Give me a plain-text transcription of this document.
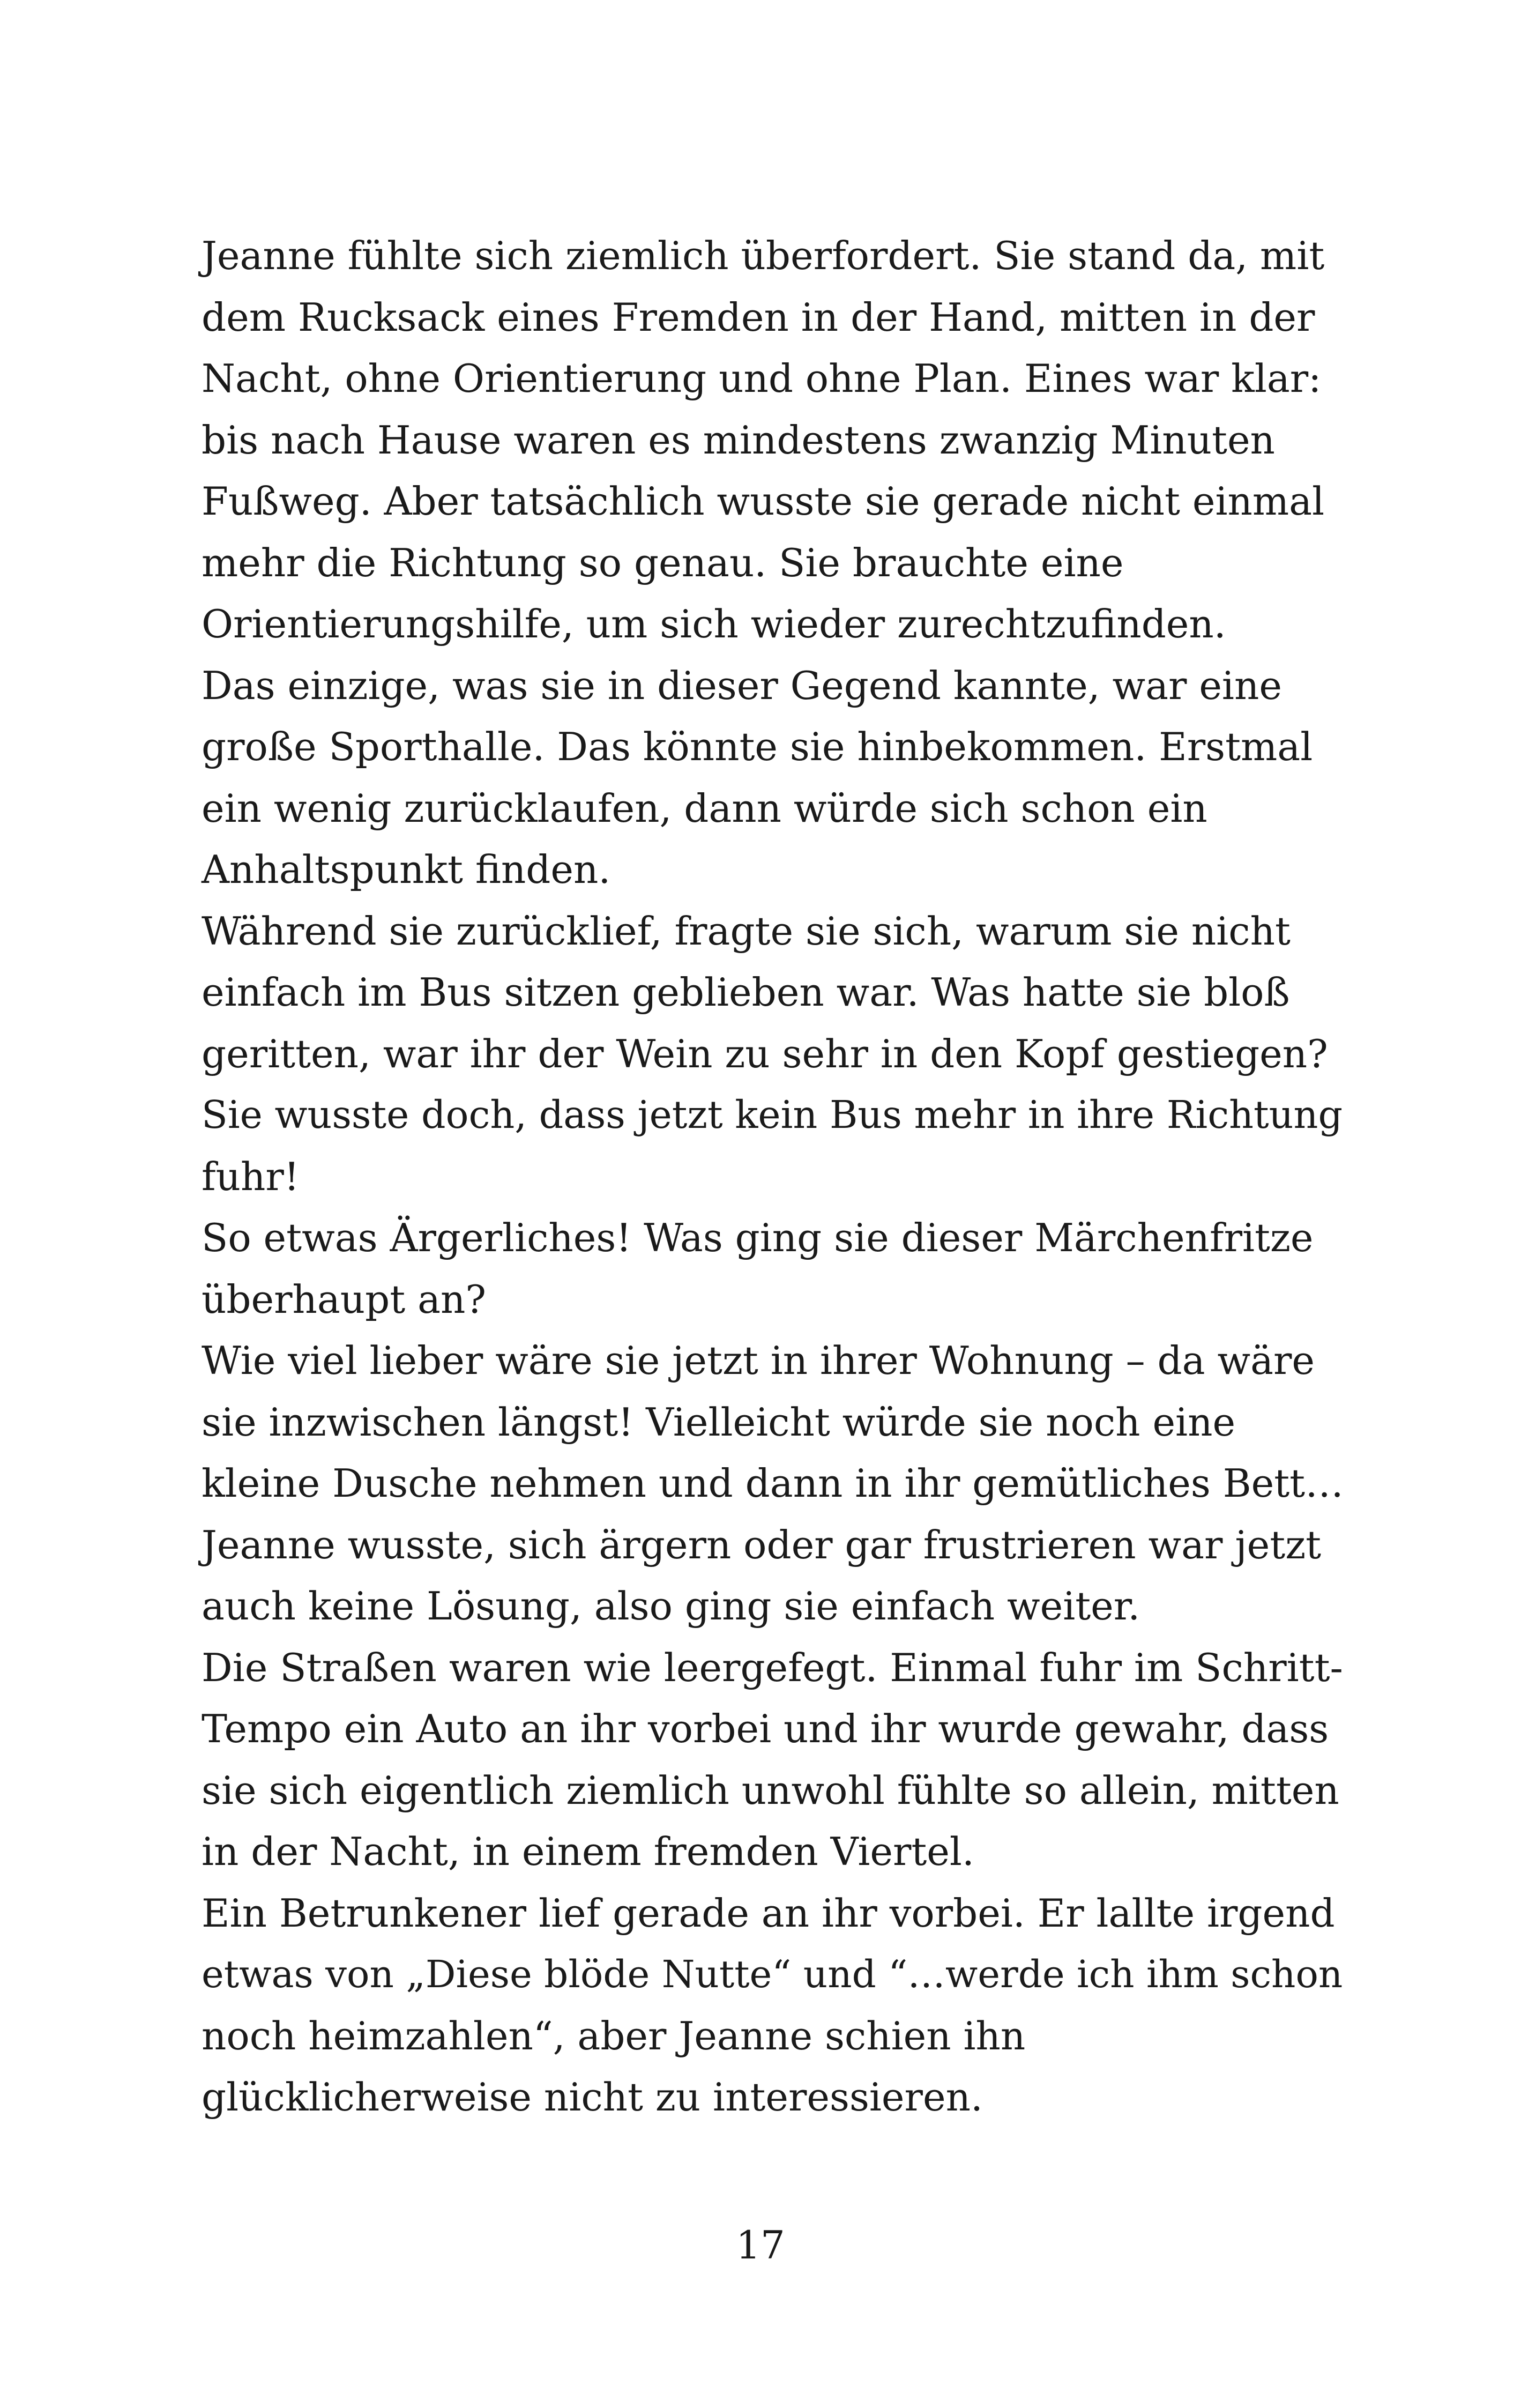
Jeanne fühlte sich ziemlich überfordert. Sie stand da, mit
dem Rucksack eines Fremden in der Hand, mitten in der
Nacht, ohne Orientierung und ohne Plan. Eines war klar:
bis nach Hause waren es mindestens zwanzig Minuten
Fußweg. Aber tatsächlich wusste sie gerade nicht einmal
mehr die Richtung so genau. Sie brauchte eine
Orientierungshilfe, um sich wieder zurechtzufinden.
Das einzige, was sie in dieser Gegend kannte, war eine
große Sporthalle. Das könnte sie hinbekommen. Erstmal
ein wenig zurücklaufen, dann würde sich schon ein
Anhaltspunkt finden.
Während sie zurücklief, fragte sie sich, warum sie nicht
einfach im Bus sitzen geblieben war. Was hatte sie bloß
geritten, war ihr der Wein zu sehr in den Kopf gestiegen?
Sie wusste doch, dass jetzt kein Bus mehr in ihre Richtung
fuhr!
So etwas Ärgerliches! Was ging sie dieser Märchenfritze
überhaupt an?
Wie viel lieber wäre sie jetzt in ihrer Wohnung – da wäre
sie inzwischen längst! Vielleicht würde sie noch eine
kleine Dusche nehmen und dann in ihr gemütliches Bett…
Jeanne wusste, sich ärgern oder gar frustrieren war jetzt
auch keine Lösung, also ging sie einfach weiter.
Die Straßen waren wie leergefegt. Einmal fuhr im Schritt-
Tempo ein Auto an ihr vorbei und ihr wurde gewahr, dass
sie sich eigentlich ziemlich unwohl fühlte so allein, mitten
in der Nacht, in einem fremden Viertel.
Ein Betrunkener lief gerade an ihr vorbei. Er lallte irgend
etwas von „Diese blöde Nutte“ und “…werde ich ihm schon
noch heimzahlen“, aber Jeanne schien ihn
glücklicherweise nicht zu interessieren.
17
